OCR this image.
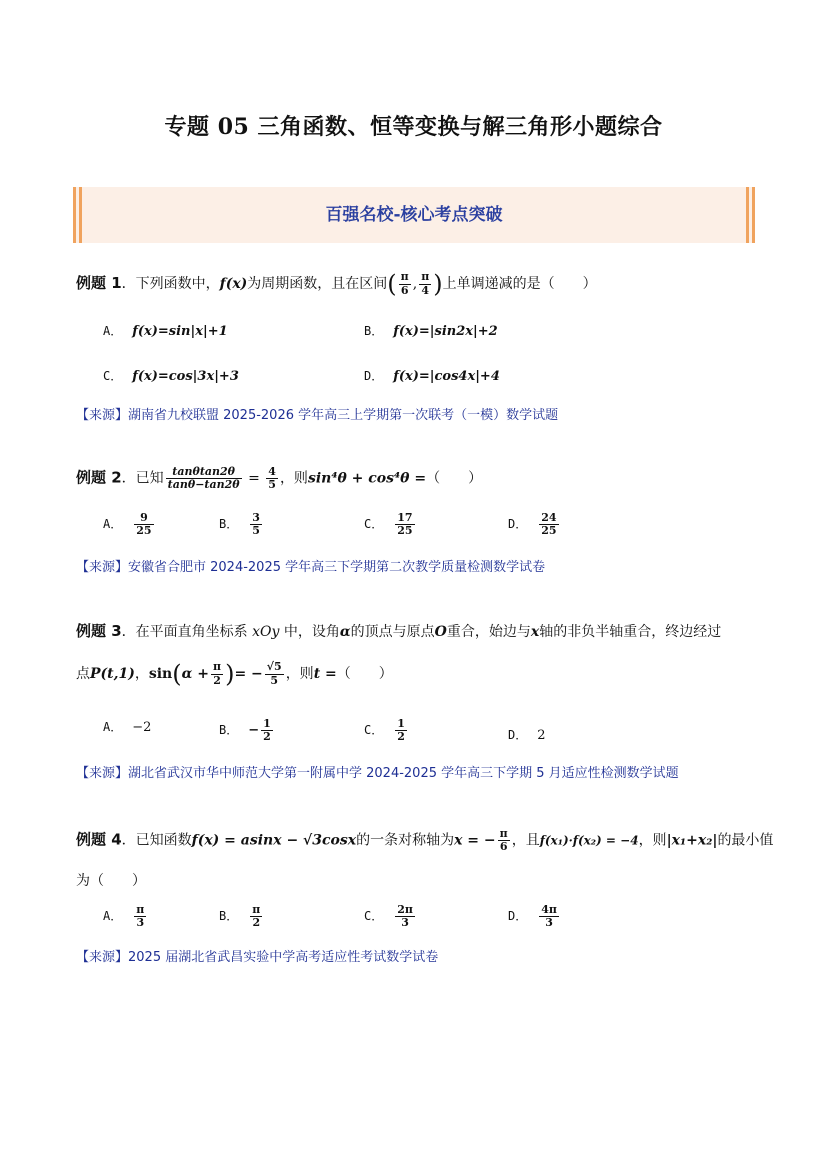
专题 05 三角函数、恒等变换与解三角形小题综合
百强名校-核心考点突破
例题 1．下列函数中，f(x)为周期函数，且在区间( $\frac{\pi}{6}$ , $\frac{\pi}{4}$ )上单调递减的是（　　）
A． f(x)=sin|x|+1	B． f(x)=|sin2x|+2
C． f(x)=cos|3x|+3	D． f(x)=|cos4x|+4
【来源】湖南省九校联盟 2025-2026 学年高三上学期第一次联考（一模）数学试题
例题 2．已知 $\frac{\tan\theta\tan 2\theta}{\tan\theta-\tan 2\theta} = \frac{4}{5}$ ，则sin⁴θ + cos⁴θ =（　　）
A． $\frac{9}{25}$	B． $\frac{3}{5}$	C． $\frac{17}{25}$	D． $\frac{24}{25}$
【来源】安徽省合肥市 2024-2025 学年高三下学期第二次教学质量检测数学试卷
例题 3．在平面直角坐标系 xOy 中，设角α的顶点与原点O重合，始边与x轴的非负半轴重合，终边经过
点P(t,1)，$\sin(\alpha + \frac{\pi}{2}$ )= − $\frac{√5}{5}$ ，则t =（　　）
A． −2	B． − $\frac{1}{2}$	C． $\frac{1}{2}$	D． 2
【来源】湖北省武汉市华中师范大学第一附属中学 2024-2025 学年高三下学期 5 月适应性检测数学试题
例题 4．已知函数f(x) = asinx − √3cosx的一条对称轴为x = − $\frac{\pi}{6}$ ，且f(x₁)·f(x₂) = −4，则|x₁+x₂|的最小值
为（　　）
A． $\frac{\pi}{3}$	B． $\frac{\pi}{2}$	C． $\frac{2\pi}{3}$	D． $\frac{4\pi}{3}$
【来源】2025 届湖北省武昌实验中学高考适应性考试数学试卷
